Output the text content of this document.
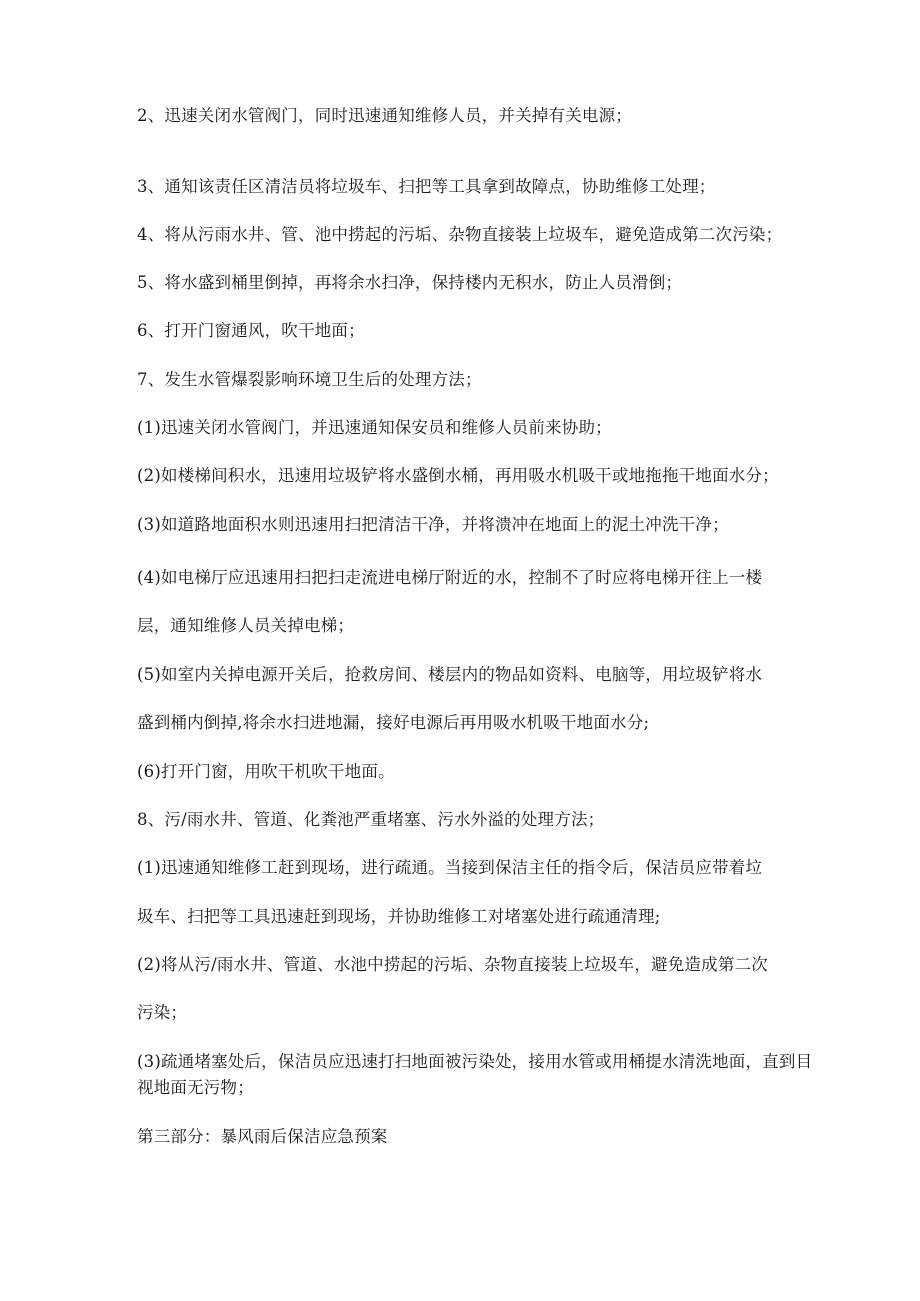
2、迅速关闭水管阀门，同时迅速通知维修人员，并关掉有关电源；
3、通知该责任区清洁员将垃圾车、扫把等工具拿到故障点，协助维修工处理；
4、将从污雨水井、管、池中捞起的污垢、杂物直接装上垃圾车，避免造成第二次污染；
5、将水盛到桶里倒掉，再将余水扫净，保持楼内无积水，防止人员滑倒；
6、打开门窗通风，吹干地面；
7、发生水管爆裂影响环境卫生后的处理方法；
(1)迅速关闭水管阀门，并迅速通知保安员和维修人员前来协助；
(2)如楼梯间积水，迅速用垃圾铲将水盛倒水桶，再用吸水机吸干或地拖拖干地面水分；
(3)如道路地面积水则迅速用扫把清洁干净，并将溃冲在地面上的泥土冲洗干净；
(4)如电梯厅应迅速用扫把扫走流进电梯厅附近的水，控制不了时应将电梯开往上一楼
层，通知维修人员关掉电梯；
(5)如室内关掉电源开关后，抢救房间、楼层内的物品如资料、电脑等，用垃圾铲将水
盛到桶内倒掉,将余水扫进地漏，接好电源后再用吸水机吸干地面水分;
(6)打开门窗，用吹干机吹干地面。
8、污/雨水井、管道、化粪池严重堵塞、污水外溢的处理方法；
(1)迅速通知维修工赶到现场，进行疏通。当接到保洁主任的指令后，保洁员应带着垃
圾车、扫把等工具迅速赶到现场，并协助维修工对堵塞处进行疏通清理;
(2)将从污/雨水井、管道、水池中捞起的污垢、杂物直接装上垃圾车，避免造成第二次
污染；
(3)疏通堵塞处后，保洁员应迅速打扫地面被污染处，接用水管或用桶提水清洗地面，直到目视地面无污物；
第三部分：暴风雨后保洁应急预案
